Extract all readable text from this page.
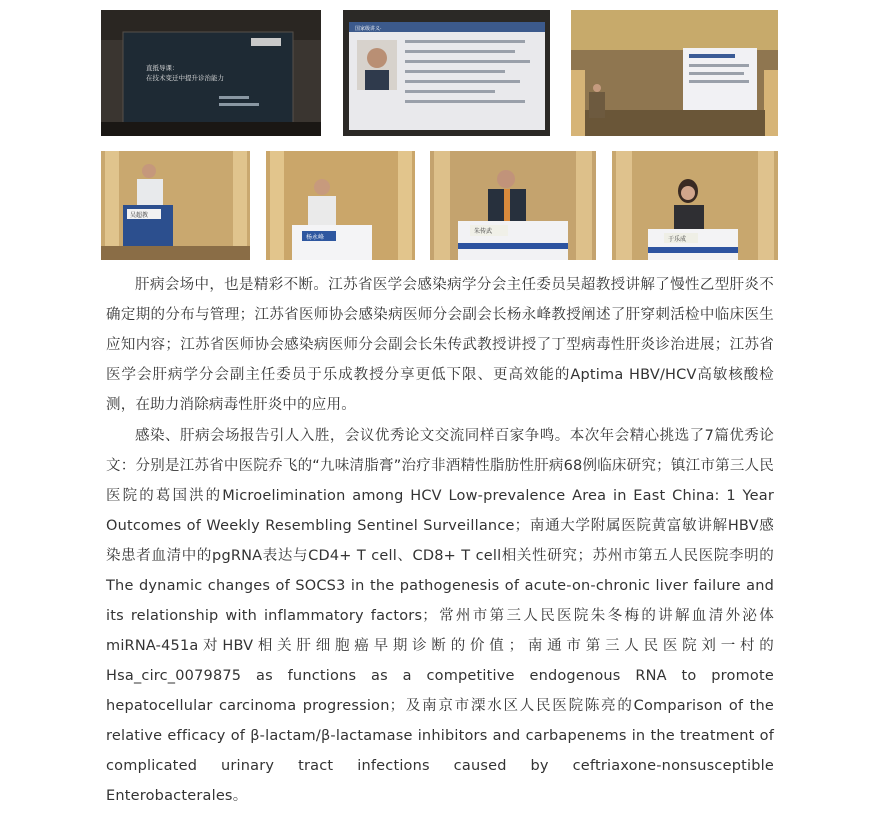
直抵导课：
在技术变迁中提升诊治能力
国家级讲义·
吴超教
杨永峰
朱传武
于乐成

肝病会场中，也是精彩不断。江苏省医学会感染病学分会主任委员吴超教授讲解了慢性乙型肝炎不确定期的分布与管理；江苏省医师协会感染病医师分会副会长杨永峰教授阐述了肝穿刺活检中临床医生应知内容；江苏省医师协会感染病医师分会副会长朱传武教授讲授了丁型病毒性肝炎诊治进展；江苏省医学会肝病学分会副主任委员于乐成教授分享更低下限、更高效能的Aptima HBV/HCV高敏核酸检测，在助力消除病毒性肝炎中的应用。

感染、肝病会场报告引人入胜，会议优秀论文交流同样百家争鸣。本次年会精心挑选了7篇优秀论文：分别是江苏省中医院乔飞的“九味清脂膏”治疗非酒精性脂肪性肝病68例临床研究；镇江市第三人民医院的葛国洪的Microelimination among HCV Low-prevalence Area in East China: 1 Year Outcomes of Weekly Resembling Sentinel Surveillance；南通大学附属医院黄富敏讲解HBV感染患者血清中的pgRNA表达与CD4+ T cell、CD8+ T cell相关性研究；苏州市第五人民医院李明的The dynamic changes of SOCS3 in the pathogenesis of acute-on-chronic liver failure and its relationship with inflammatory factors；常州市第三人民医院朱冬梅的讲解血清外泌体miRNA-451a对HBV相关肝细胞癌早期诊断的价值；南通市第三人民医院刘一村的Hsa_circ_0079875 as functions as a competitive endogenous RNA to promote hepatocellular carcinoma progression；及南京市溧水区人民医院陈亮的Comparison of the relative efficacy of β-lactam/β-lactamase inhibitors and carbapenems in the treatment of complicated urinary tract infections caused by ceftriaxone-nonsusceptible Enterobacterales。
